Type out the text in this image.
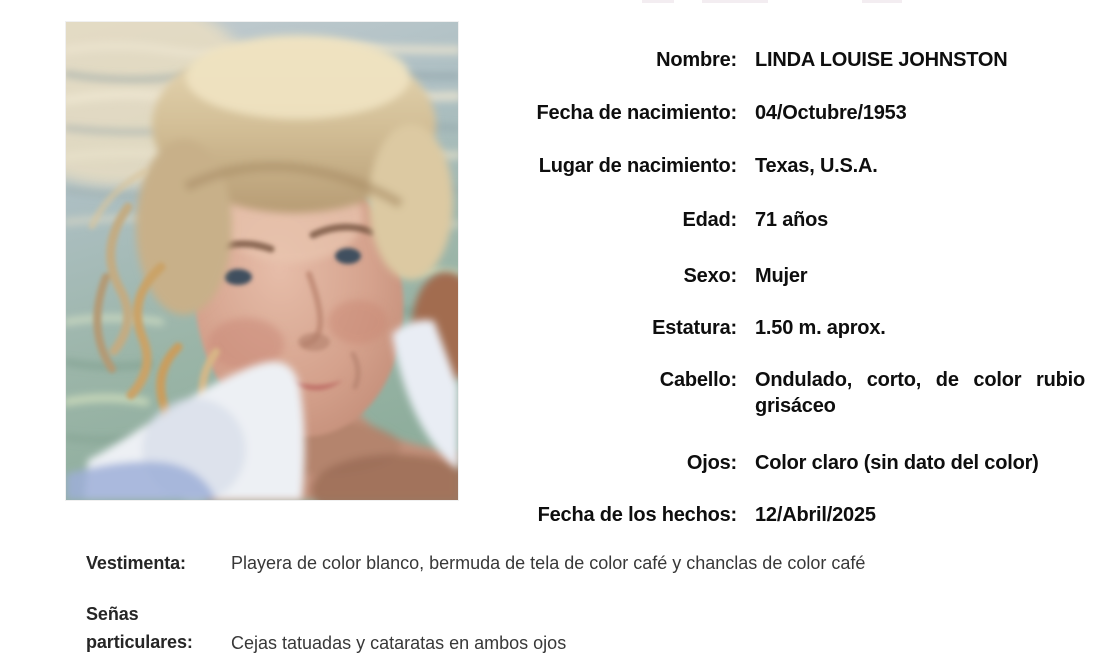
Nombre: LINDA LOUISE JOHNSTON
Fecha de nacimiento: 04/Octubre/1953
Lugar de nacimiento: Texas, U.S.A.
Edad: 71 años
Sexo: Mujer
Estatura: 1.50 m. aprox.
Cabello: Ondulado, corto, de color rubio grisáceo
Ojos: Color claro (sin dato del color)
Fecha de los hechos: 12/Abril/2025
Vestimenta:	Playera de color blanco, bermuda de tela de color café y chanclas de color café
Señas particulares:	Cejas tatuadas y cataratas en ambos ojos
